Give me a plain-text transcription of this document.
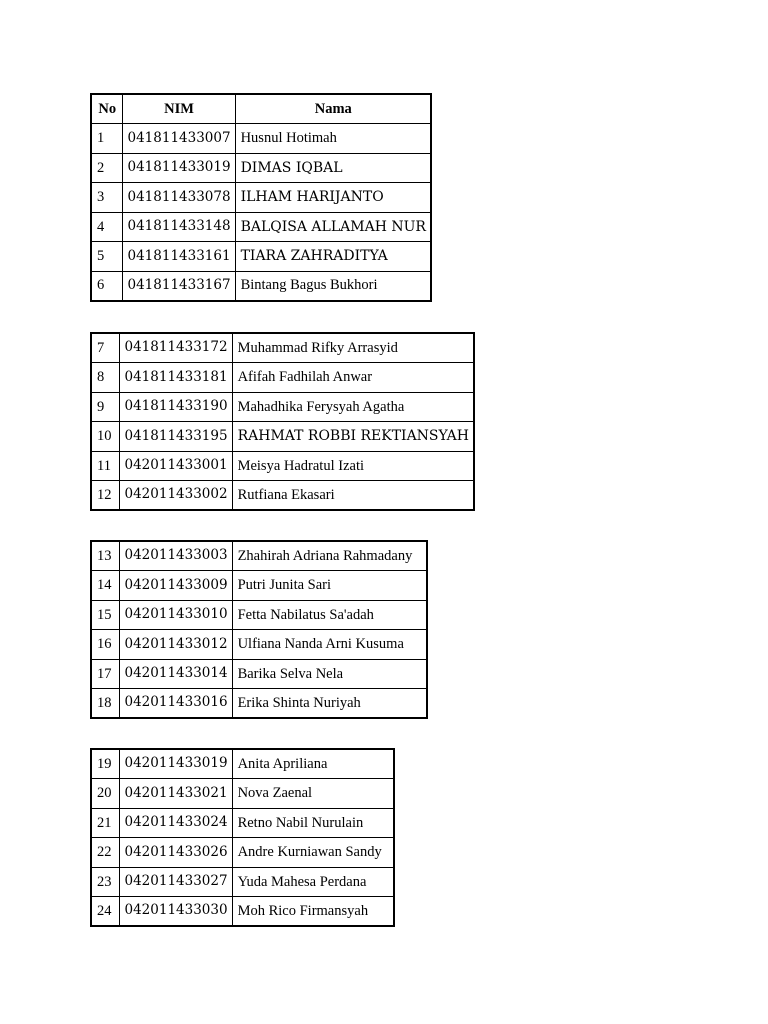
No	NIM	Nama
1	041811433007	Husnul Hotimah
2	041811433019	DIMAS IQBAL
3	041811433078	ILHAM HARIJANTO
4	041811433148	BALQISA ALLAMAH NUR
5	041811433161	TIARA ZAHRADITYA
6	041811433167	Bintang Bagus Bukhori
7	041811433172	Muhammad Rifky Arrasyid
8	041811433181	Afifah Fadhilah Anwar
9	041811433190	Mahadhika Ferysyah Agatha
10	041811433195	RAHMAT ROBBI REKTIANSYAH
11	042011433001	Meisya Hadratul Izati
12	042011433002	Rutfiana Ekasari
13	042011433003	Zhahirah Adriana Rahmadany
14	042011433009	Putri Junita Sari
15	042011433010	Fetta Nabilatus Sa'adah
16	042011433012	Ulfiana Nanda Arni Kusuma
17	042011433014	Barika Selva Nela
18	042011433016	Erika Shinta Nuriyah
19	042011433019	Anita Apriliana
20	042011433021	Nova Zaenal
21	042011433024	Retno Nabil Nurulain
22	042011433026	Andre Kurniawan Sandy
23	042011433027	Yuda Mahesa Perdana
24	042011433030	Moh Rico Firmansyah
